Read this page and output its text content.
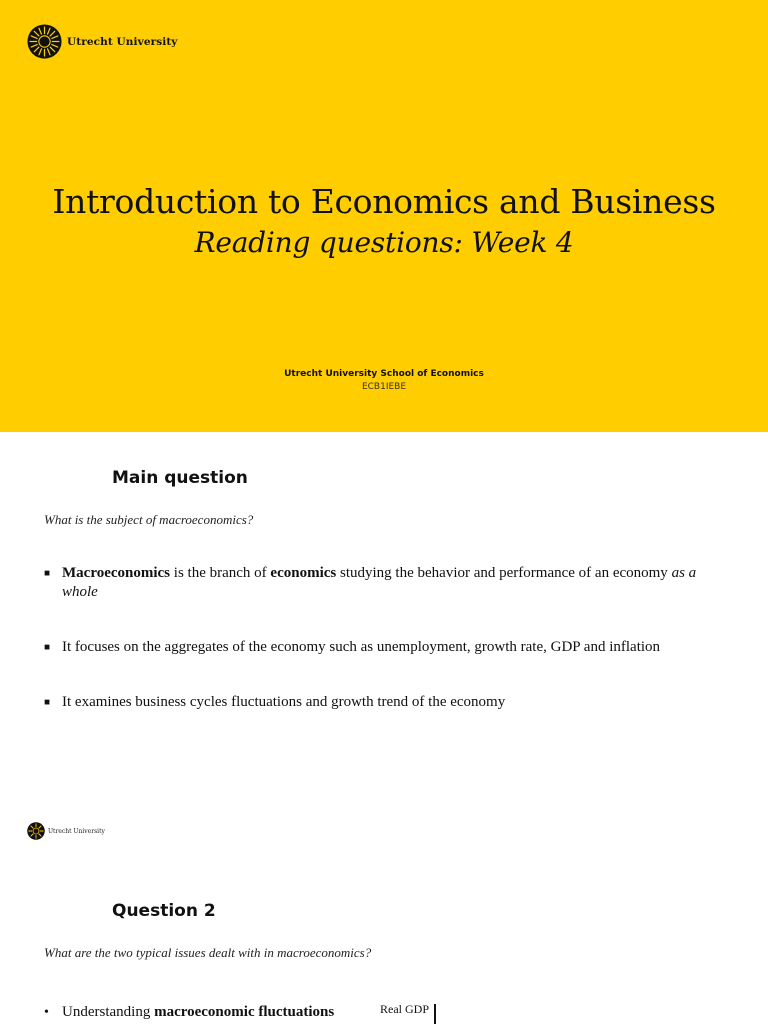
Utrecht University
Introduction to Economics and Business
Reading questions: Week 4
Utrecht University School of Economics
ECB1IEBE
Main question

What is the subject of macroeconomics?

■ Macroeconomics is the branch of economics studying the behavior and performance of an economy as a whole
■ It focuses on the aggregates of the economy such as unemployment, growth rate, GDP and inflation
■ It examines business cycles fluctuations and growth trend of the economy
Utrecht University
Question 2

What are the two typical issues dealt with in macroeconomics?

• Understanding macroeconomic fluctuations	Real GDP
